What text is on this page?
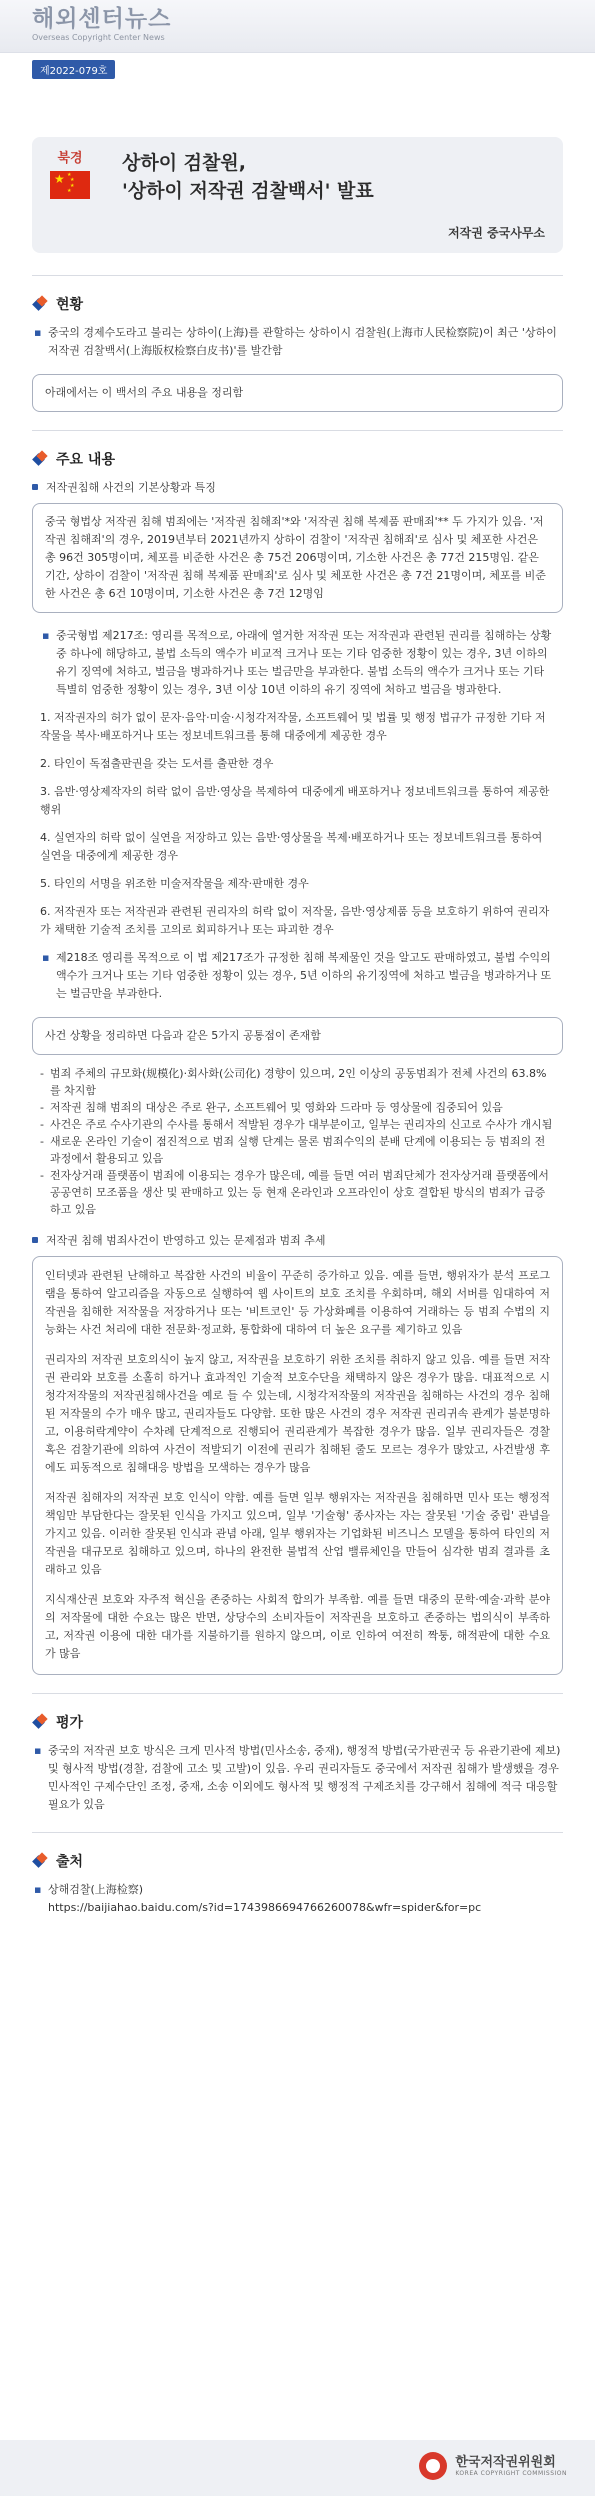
해외센터뉴스
Overseas Copyright Center News
제2022-079호
북경
★ ★
★
★
★
상하이 검찰원,
'상하이 저작권 검찰백서' 발표
저작권 중국사무소
현황
▪ 중국의 경제수도라고 불리는 상하이(上海)를 관할하는 상하이시 검찰원(上海市人民检察院)이 최근 '상하이 저작권 검찰백서(上海版权检察白皮书)'를 발간함
아래에서는 이 백서의 주요 내용을 정리함
주요 내용
저작권침해 사건의 기본상황과 특징
중국 형법상 저작권 침해 범죄에는 '저작권 침해죄'*와 '저작권 침해 복제품 판매죄'** 두 가지가 있음. '저작권 침해죄'의 경우, 2019년부터 2021년까지 상하이 검찰이 '저작권 침해죄'로 심사 및 체포한 사건은 총 96건 305명이며, 체포를 비준한 사건은 총 75건 206명이며, 기소한 사건은 총 77건 215명임. 같은 기간, 상하이 검찰이 '저작권 침해 복제품 판매죄'로 심사 및 체포한 사건은 총 7건 21명이며, 체포를 비준한 사건은 총 6건 10명이며, 기소한 사건은 총 7건 12명임
▪ 중국형법 제217조: 영리를 목적으로, 아래에 열거한 저작권 또는 저작권과 관련된 권리를 침해하는 상황 중 하나에 해당하고, 불법 소득의 액수가 비교적 크거나 또는 기타 엄중한 정황이 있는 경우, 3년 이하의 유기 징역에 처하고, 벌금을 병과하거나 또는 벌금만을 부과한다. 불법 소득의 액수가 크거나 또는 기타 특별히 엄중한 정황이 있는 경우, 3년 이상 10년 이하의 유기 징역에 처하고 벌금을 병과한다.
1. 저작권자의 허가 없이 문자·음악·미술·시청각저작물, 소프트웨어 및 법률 및 행정 법규가 규정한 기타 저작물을 복사·배포하거나 또는 정보네트워크를 통해 대중에게 제공한 경우
2. 타인이 독점출판권을 갖는 도서를 출판한 경우
3. 음반·영상제작자의 허락 없이 음반·영상을 복제하여 대중에게 배포하거나 정보네트워크를 통하여 제공한 행위
4. 실연자의 허락 없이 실연을 저장하고 있는 음반·영상물을 복제·배포하거나 또는 정보네트워크를 통하여 실연을 대중에게 제공한 경우
5. 타인의 서명을 위조한 미술저작물을 제작·판매한 경우
6. 저작권자 또는 저작권과 관련된 권리자의 허락 없이 저작물, 음반·영상제품 등을 보호하기 위하여 권리자가 채택한 기술적 조치를 고의로 회피하거나 또는 파괴한 경우
▪ 제218조 영리를 목적으로 이 법 제217조가 규정한 침해 복제물인 것을 알고도 판매하였고, 불법 수익의 액수가 크거나 또는 기타 엄중한 정황이 있는 경우, 5년 이하의 유기징역에 처하고 벌금을 병과하거나 또는 벌금만을 부과한다.
사건 상황을 정리하면 다음과 같은 5가지 공통점이 존재함
- 범죄 주체의 규모화(规模化)·회사화(公司化) 경향이 있으며, 2인 이상의 공동범죄가 전체 사건의 63.8%를 차지함
- 저작권 침해 범죄의 대상은 주로 완구, 소프트웨어 및 영화와 드라마 등 영상물에 집중되어 있음
- 사건은 주로 수사기관의 수사를 통해서 적발된 경우가 대부분이고, 일부는 권리자의 신고로 수사가 개시됨
- 새로운 온라인 기술이 점진적으로 범죄 실행 단계는 물론 범죄수익의 분배 단계에 이용되는 등 범죄의 전 과정에서 활용되고 있음
- 전자상거래 플랫폼이 범죄에 이용되는 경우가 많은데, 예를 들면 여러 범죄단체가 전자상거래 플랫폼에서 공공연히 모조품을 생산 및 판매하고 있는 등 현재 온라인과 오프라인이 상호 결합된 방식의 범죄가 급증하고 있음
저작권 침해 범죄사건이 반영하고 있는 문제점과 범죄 추세

인터넷과 관련된 난해하고 복잡한 사건의 비율이 꾸준히 증가하고 있음. 예를 들면, 행위자가 분석 프로그램을 통하여 알고리즘을 자동으로 실행하여 웹 사이트의 보호 조치를 우회하며, 해외 서버를 임대하여 저작권을 침해한 저작물을 저장하거나 또는 '비트코인' 등 가상화폐를 이용하여 거래하는 등 범죄 수법의 지능화는 사건 처리에 대한 전문화·정교화, 통합화에 대하여 더 높은 요구를 제기하고 있음

권리자의 저작권 보호의식이 높지 않고, 저작권을 보호하기 위한 조치를 취하지 않고 있음. 예를 들면 저작권 관리와 보호를 소홀히 하거나 효과적인 기술적 보호수단을 채택하지 않은 경우가 많음. 대표적으로 시청각저작물의 저작권침해사건을 예로 들 수 있는데, 시청각저작물의 저작권을 침해하는 사건의 경우 침해된 저작물의 수가 매우 많고, 권리자들도 다양함. 또한 많은 사건의 경우 저작권 권리귀속 관계가 불분명하고, 이용허락계약이 수차례 단계적으로 진행되어 권리관계가 복잡한 경우가 많음. 일부 권리자들은 경찰 혹은 검찰기관에 의하여 사건이 적발되기 이전에 권리가 침해된 줄도 모르는 경우가 많았고, 사건발생 후에도 피동적으로 침해대응 방법을 모색하는 경우가 많음

저작권 침해자의 저작권 보호 인식이 약함. 예를 들면 일부 행위자는 저작권을 침해하면 민사 또는 행정적 책임만 부담한다는 잘못된 인식을 가지고 있으며, 일부 '기술형' 종사자는 자는 잘못된 '기술 중립' 관념을 가지고 있음. 이러한 잘못된 인식과 관념 아래, 일부 행위자는 기업화된 비즈니스 모델을 통하여 타인의 저작권을 대규모로 침해하고 있으며, 하나의 완전한 불법적 산업 밸류체인을 만들어 심각한 범죄 결과를 초래하고 있음

지식재산권 보호와 자주적 혁신을 존중하는 사회적 합의가 부족함. 예를 들면 대중의 문학·예술·과학 분야의 저작물에 대한 수요는 많은 반면, 상당수의 소비자들이 저작권을 보호하고 존중하는 법의식이 부족하고, 저작권 이용에 대한 대가를 지불하기를 원하지 않으며, 이로 인하여 여전히 짝퉁, 해적판에 대한 수요가 많음

평가
▪ 중국의 저작권 보호 방식은 크게 민사적 방법(민사소송, 중재), 행정적 방법(국가판권국 등 유관기관에 제보) 및 형사적 방법(경찰, 검찰에 고소 및 고발)이 있음. 우리 권리자들도 중국에서 저작권 침해가 발생했을 경우 민사적인 구제수단인 조정, 중재, 소송 이외에도 형사적 및 행정적 구제조치를 강구해서 침해에 적극 대응할 필요가 있음
출처
▪ 상해검찰(上海检察)
https://baijiahao.baidu.com/s?id=1743986694766260078&wfr=spider&for=pc
한국저작권위원회
KOREA COPYRIGHT COMMISSION
